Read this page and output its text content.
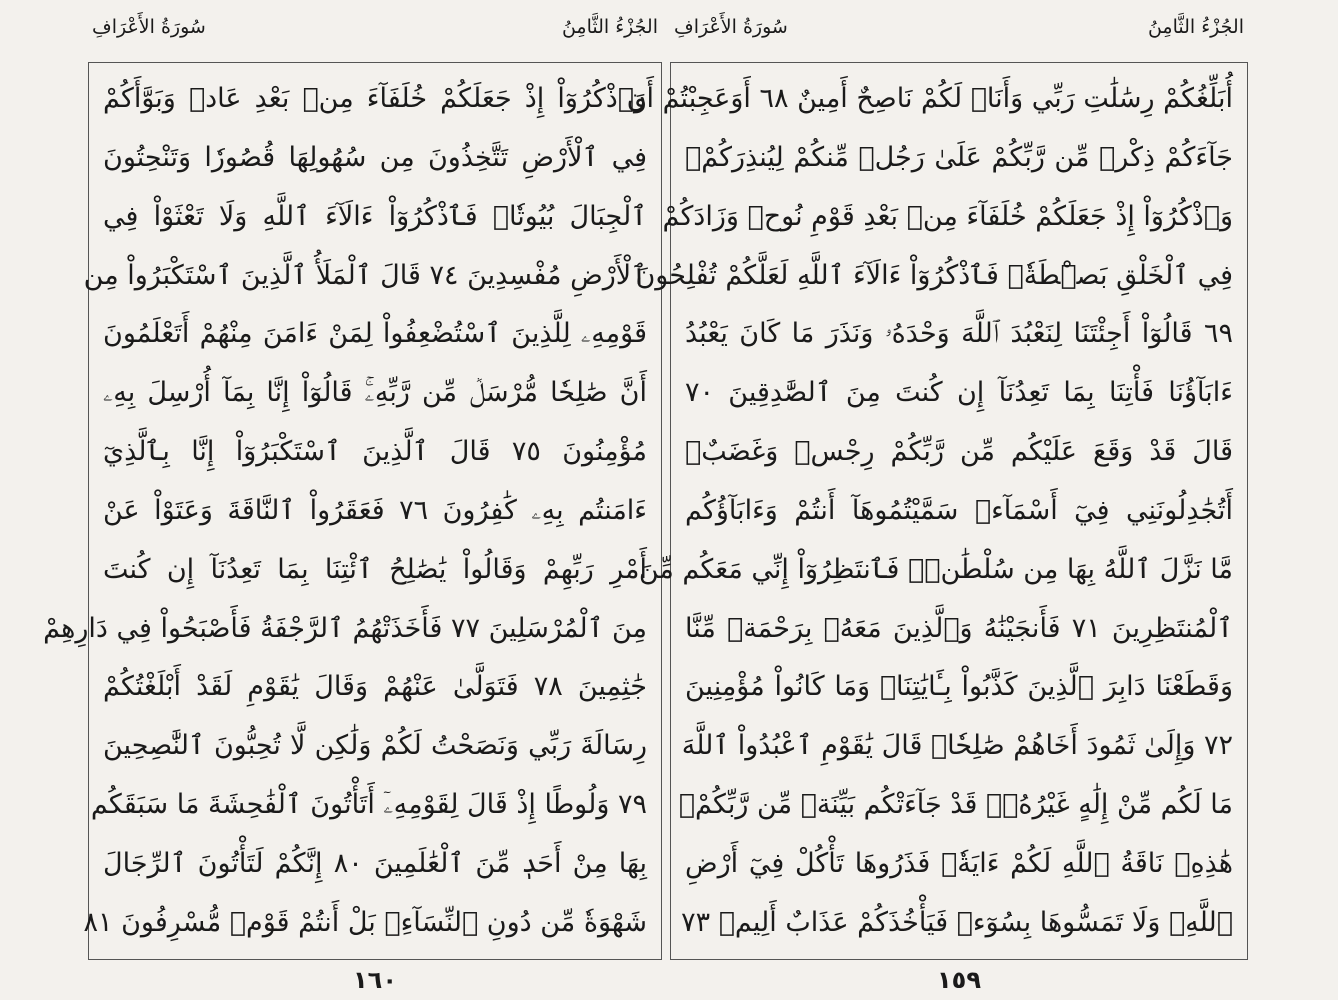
سُورَةُ الأَعْرَافِ	الجُزْءُ الثَّامِنُ
وَٱذْكُرُوٓاْ إِذْ جَعَلَكُمْ خُلَفَآءَ مِنۢ بَعْدِ عَادٖ وَبَوَّأَكُمْ
فِي ٱلْأَرْضِ تَتَّخِذُونَ مِن سُهُولِهَا قُصُورٗا وَتَنْحِتُونَ
ٱلْجِبَالَ بُيُوتٗاۖ فَٱذْكُرُوٓاْ ءَالَآءَ ٱللَّهِ وَلَا تَعْثَوْاْ فِي
ٱلْأَرْضِ مُفْسِدِينَ ٧٤ قَالَ ٱلْمَلَأُ ٱلَّذِينَ ٱسْتَكْبَرُواْ مِن
قَوْمِهِۦ لِلَّذِينَ ٱسْتُضْعِفُواْ لِمَنْ ءَامَنَ مِنْهُمْ أَتَعْلَمُونَ
أَنَّ صَٰلِحٗا مُّرْسَلٞ مِّن رَّبِّهِۦۚ قَالُوٓاْ إِنَّا بِمَآ أُرْسِلَ بِهِۦ
مُؤْمِنُونَ ٧٥ قَالَ ٱلَّذِينَ ٱسْتَكْبَرُوٓاْ إِنَّا بِٱلَّذِيٓ
ءَامَنتُم بِهِۦ كَٰفِرُونَ ٧٦ فَعَقَرُواْ ٱلنَّاقَةَ وَعَتَوْاْ عَنْ
أَمْرِ رَبِّهِمْ وَقَالُواْ يَٰصَٰلِحُ ٱئْتِنَا بِمَا تَعِدُنَآ إِن كُنتَ
مِنَ ٱلْمُرْسَلِينَ ٧٧ فَأَخَذَتْهُمُ ٱلرَّجْفَةُ فَأَصْبَحُواْ فِي دَارِهِمْ
جَٰثِمِينَ ٧٨ فَتَوَلَّىٰ عَنْهُمْ وَقَالَ يَٰقَوْمِ لَقَدْ أَبْلَغْتُكُمْ
رِسَالَةَ رَبِّي وَنَصَحْتُ لَكُمْ وَلَٰكِن لَّا تُحِبُّونَ ٱلنَّٰصِحِينَ
٧٩ وَلُوطًا إِذْ قَالَ لِقَوْمِهِۦٓ أَتَأْتُونَ ٱلْفَٰحِشَةَ مَا سَبَقَكُم
بِهَا مِنْ أَحَدٖ مِّنَ ٱلْعَٰلَمِينَ ٨٠ إِنَّكُمْ لَتَأْتُونَ ٱلرِّجَالَ
شَهْوَةٗ مِّن دُونِ ٱلنِّسَآءِۚ بَلْ أَنتُمْ قَوْمٞ مُّسْرِفُونَ ٨١
١٦٠
سُورَةُ الأَعْرَافِ	الجُزْءُ الثَّامِنُ
أُبَلِّغُكُمْ رِسَٰلَٰتِ رَبِّي وَأَنَا۠ لَكُمْ نَاصِحٌ أَمِينٌ ٦٨ أَوَعَجِبْتُمْ أَن
جَآءَكُمْ ذِكْرٞ مِّن رَّبِّكُمْ عَلَىٰ رَجُلٖ مِّنكُمْ لِيُنذِرَكُمْۚ
وَٱذْكُرُوٓاْ إِذْ جَعَلَكُمْ خُلَفَآءَ مِنۢ بَعْدِ قَوْمِ نُوحٖ وَزَادَكُمْ
فِي ٱلْخَلْقِ بَصْۜطَةٗۖ فَٱذْكُرُوٓاْ ءَالَآءَ ٱللَّهِ لَعَلَّكُمْ تُفْلِحُونَ
٦٩ قَالُوٓاْ أَجِئْتَنَا لِنَعْبُدَ ٱللَّهَ وَحْدَهُۥ وَنَذَرَ مَا كَانَ يَعْبُدُ
ءَابَآؤُنَا فَأْتِنَا بِمَا تَعِدُنَآ إِن كُنتَ مِنَ ٱلصَّٰدِقِينَ ٧٠
قَالَ قَدْ وَقَعَ عَلَيْكُم مِّن رَّبِّكُمْ رِجْسٞ وَغَضَبٌۖ
أَتُجَٰدِلُونَنِي فِيٓ أَسْمَآءٖ سَمَّيْتُمُوهَآ أَنتُمْ وَءَابَآؤُكُم
مَّا نَزَّلَ ٱللَّهُ بِهَا مِن سُلْطَٰنٖۚ فَٱنتَظِرُوٓاْ إِنِّي مَعَكُم مِّنَ
ٱلْمُنتَظِرِينَ ٧١ فَأَنجَيْنَٰهُ وَٱلَّذِينَ مَعَهُۥ بِرَحْمَةٖ مِّنَّا
وَقَطَعْنَا دَابِرَ ٱلَّذِينَ كَذَّبُواْ بِـَٔايَٰتِنَاۖ وَمَا كَانُواْ مُؤْمِنِينَ
٧٢ وَإِلَىٰ ثَمُودَ أَخَاهُمْ صَٰلِحٗاۚ قَالَ يَٰقَوْمِ ٱعْبُدُواْ ٱللَّهَ
مَا لَكُم مِّنْ إِلَٰهٍ غَيْرُهُۥۖ قَدْ جَآءَتْكُم بَيِّنَةٞ مِّن رَّبِّكُمْۖ
هَٰذِهِۦ نَاقَةُ ٱللَّهِ لَكُمْ ءَايَةٗۖ فَذَرُوهَا تَأْكُلْ فِيٓ أَرْضِ
ٱللَّهِۖ وَلَا تَمَسُّوهَا بِسُوٓءٖ فَيَأْخُذَكُمْ عَذَابٌ أَلِيمٞ ٧٣
١٥٩
